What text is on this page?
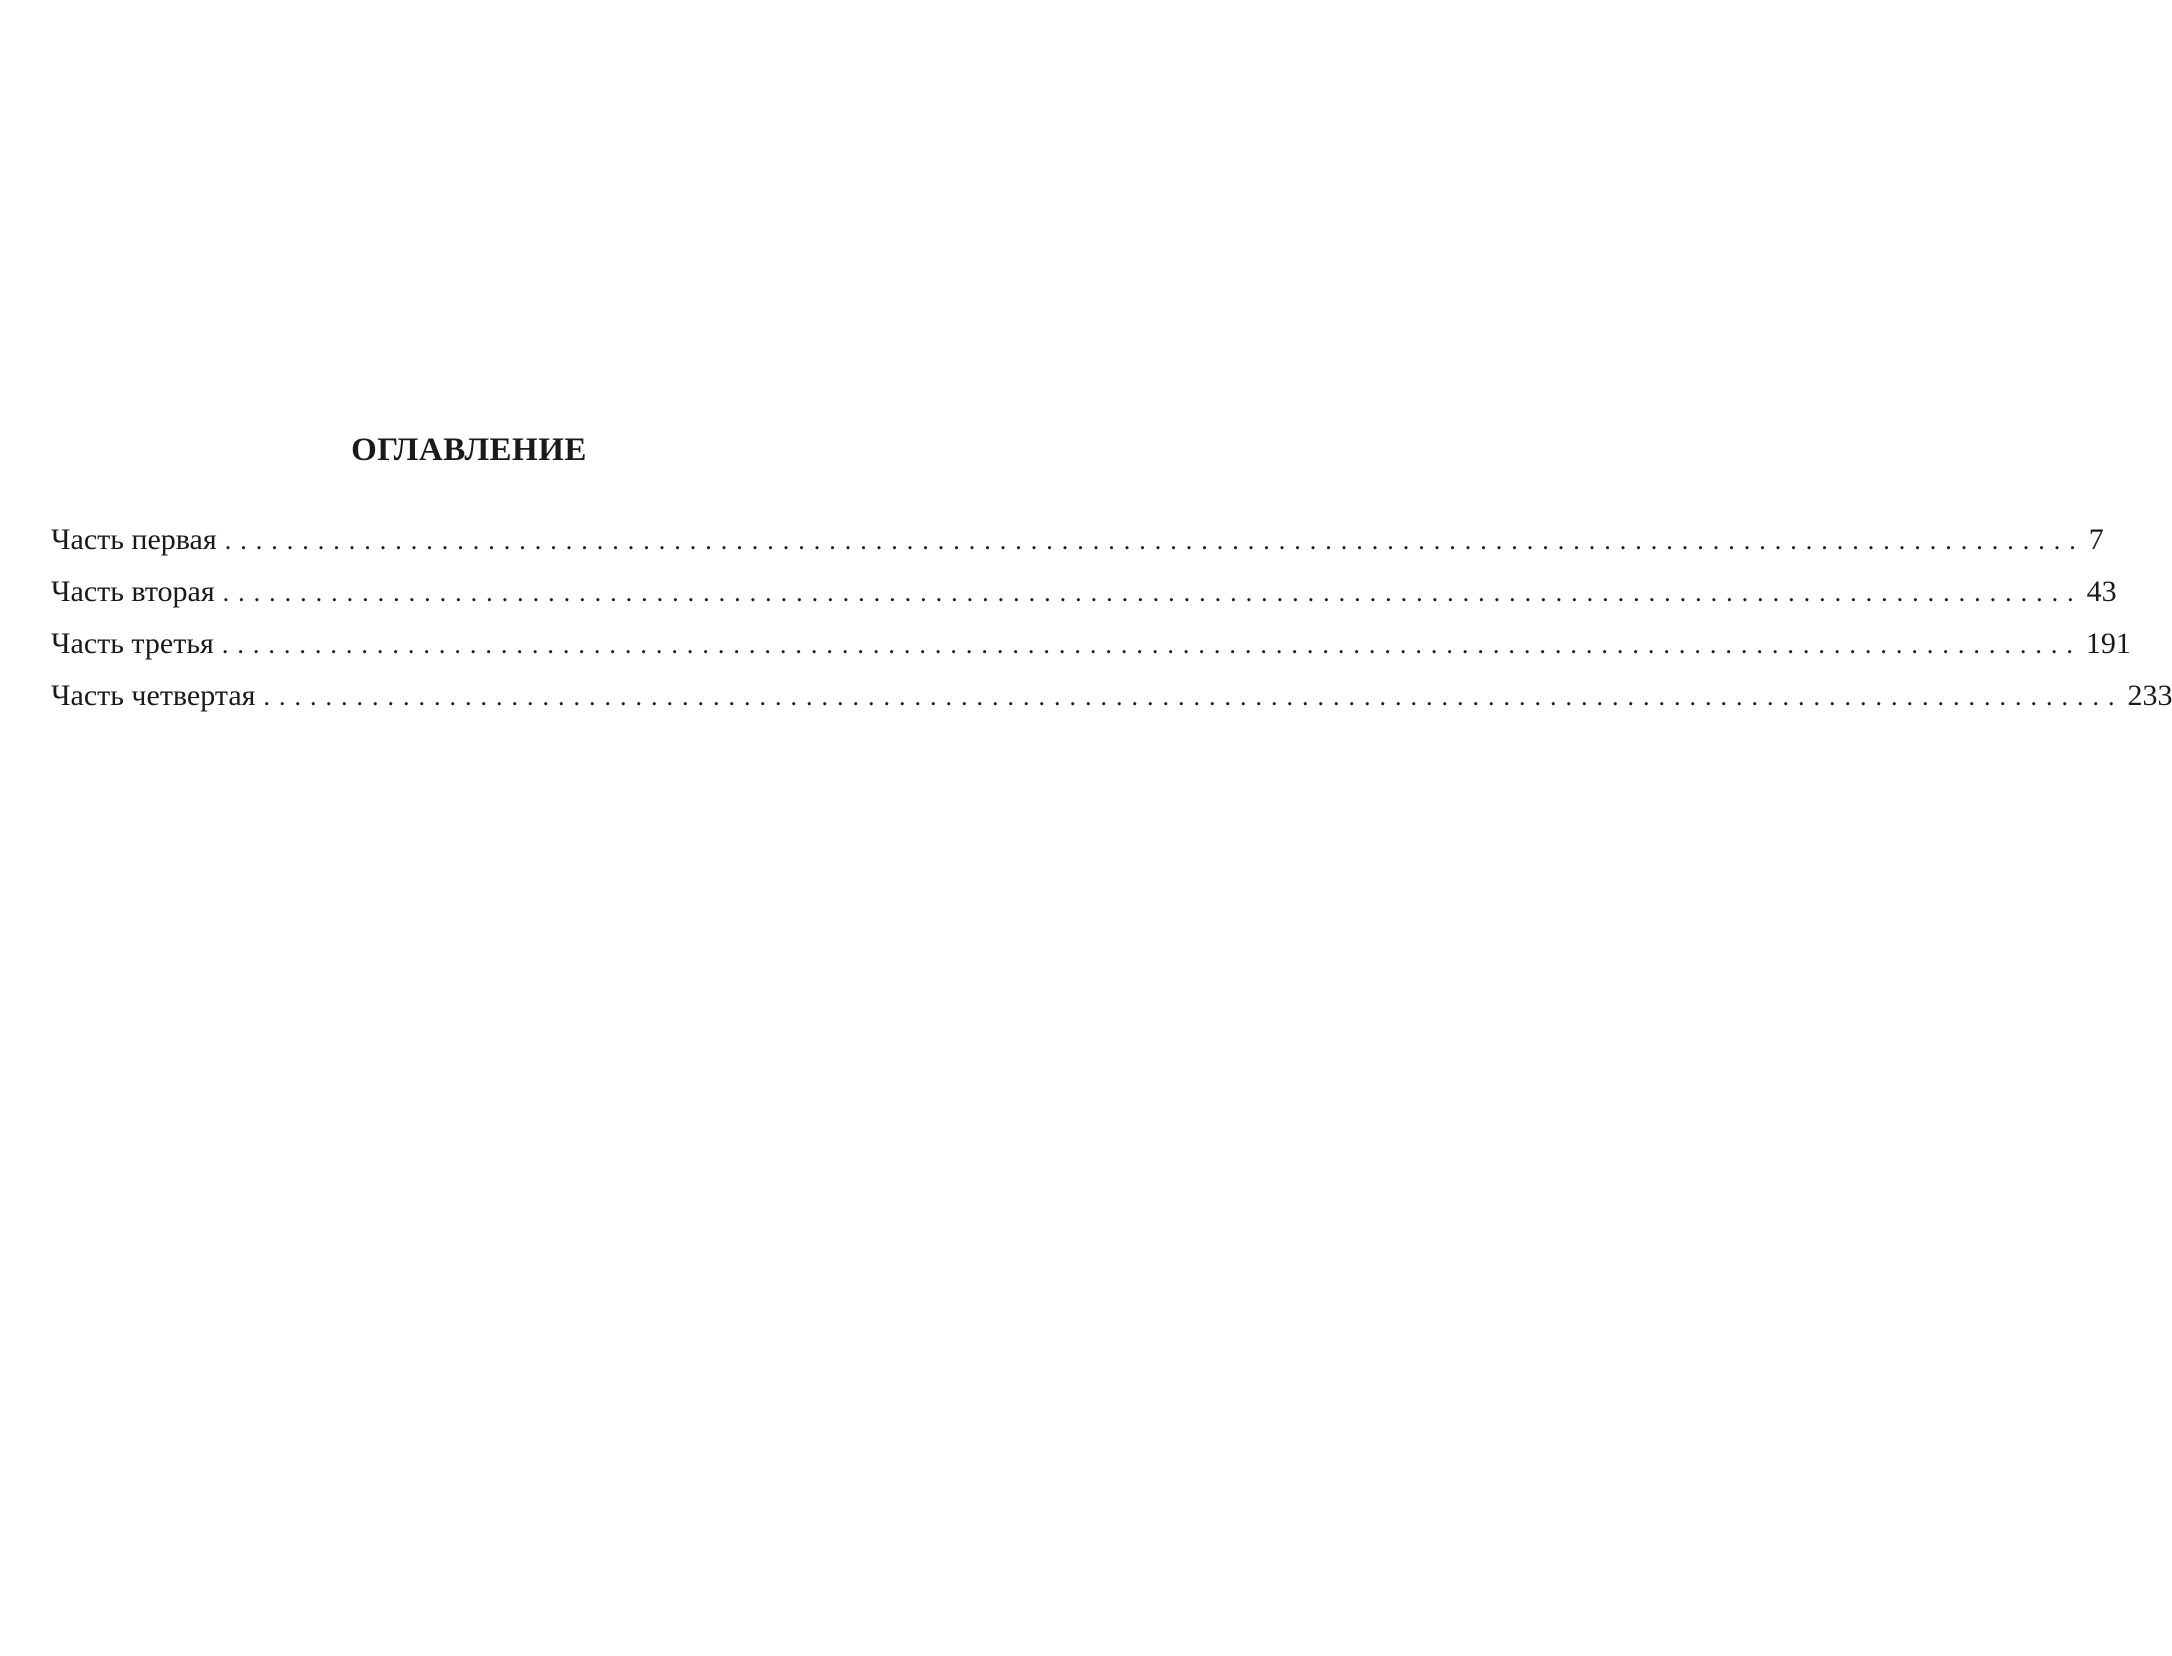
ОГЛАВЛЕНИЕ
Часть первая ........................................................................................................................ 7
Часть вторая ........................................................................................................................ 43
Часть третья ........................................................................................................................ 191
Часть четвертая ........................................................................................................................ 233
